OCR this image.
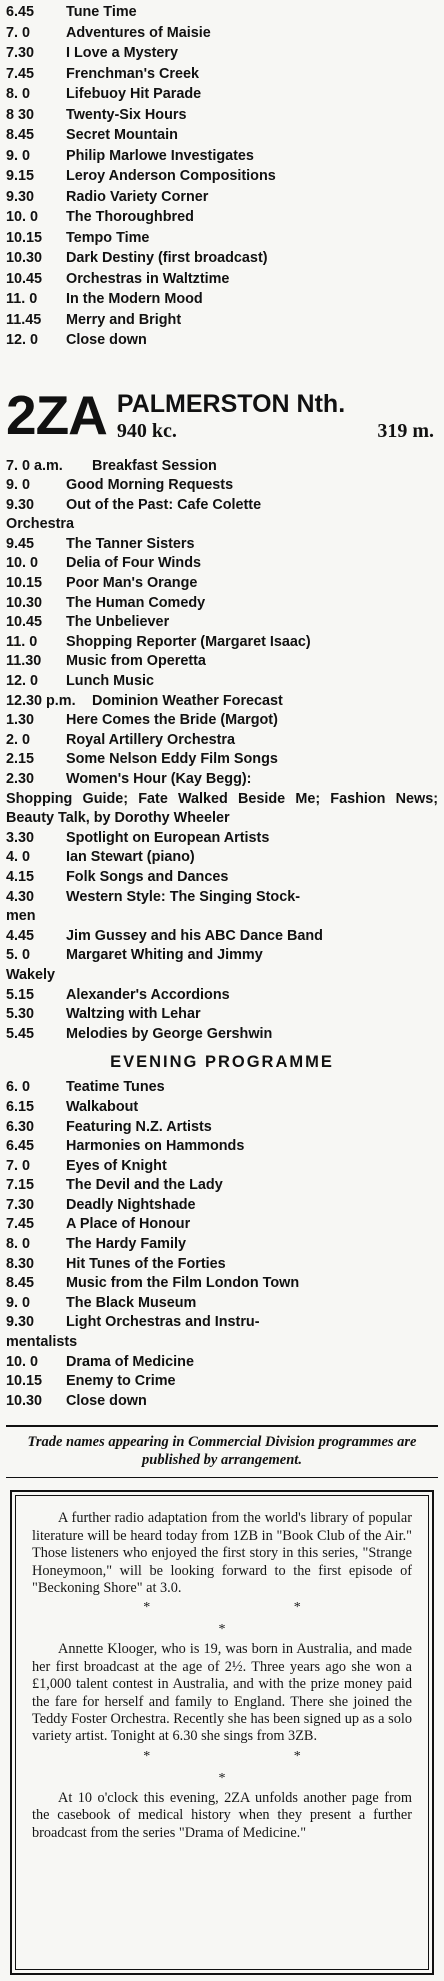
6.45	Tune Time
7. 0	Adventures of Maisie
7.30	I Love a Mystery
7.45	Frenchman's Creek
8. 0	Lifebuoy Hit Parade
8 30	Twenty-Six Hours
8.45	Secret Mountain
9. 0	Philip Marlowe Investigates
9.15	Leroy Anderson Compositions
9.30	Radio Variety Corner
10. 0	The Thoroughbred
10.15	Tempo Time
10.30	Dark Destiny (first broadcast)
10.45	Orchestras in Waltztime
11. 0	In the Modern Mood
11.45	Merry and Bright
12. 0	Close down
2ZA PALMERSTON Nth.
940 kc.	319 m.
7. 0 a.m.	Breakfast Session
9. 0	Good Morning Requests
9.30	Out of the Past: Cafe Colette
Orchestra
9.45	The Tanner Sisters
10. 0	Delia of Four Winds
10.15	Poor Man's Orange
10.30	The Human Comedy
10.45	The Unbeliever
11. 0	Shopping Reporter (Margaret Isaac)
11.30	Music from Operetta
12. 0	Lunch Music
12.30 p.m.	Dominion Weather Forecast
1.30	Here Comes the Bride (Margot)
2. 0	Royal Artillery Orchestra
2.15	Some Nelson Eddy Film Songs
2.30	Women's Hour (Kay Begg):
Shopping Guide; Fate Walked Beside Me; Fashion News; Beauty Talk, by Dorothy Wheeler
3.30	Spotlight on European Artists
4. 0	Ian Stewart (piano)
4.15	Folk Songs and Dances
4.30	Western Style: The Singing Stock-
men
4.45	Jim Gussey and his ABC Dance Band
5. 0	Margaret Whiting and Jimmy
Wakely
5.15	Alexander's Accordions
5.30	Waltzing with Lehar
5.45	Melodies by George Gershwin
EVENING PROGRAMME
6. 0	Teatime Tunes
6.15	Walkabout
6.30	Featuring N.Z. Artists
6.45	Harmonies on Hammonds
7. 0	Eyes of Knight
7.15	The Devil and the Lady
7.30	Deadly Nightshade
7.45	A Place of Honour
8. 0	The Hardy Family
8.30	Hit Tunes of the Forties
8.45	Music from the Film London Town
9. 0	The Black Museum
9.30	Light Orchestras and Instru-
mentalists
10. 0	Drama of Medicine
10.15	Enemy to Crime
10.30	Close down
Trade names appearing in Commercial Division programmes are published by arrangement.

A further radio adaptation from the world's library of popular literature will be heard today from 1ZB in "Book Club of the Air." Those listeners who enjoyed the first story in this series, "Strange Honeymoon," will be looking forward to the first episode of "Beckoning Shore" at 3.0.

* * *

Annette Klooger, who is 19, was born in Australia, and made her first broadcast at the age of 2½. Three years ago she won a £1,000 talent contest in Australia, and with the prize money paid the fare for herself and family to England. There she joined the Teddy Foster Orchestra. Recently she has been signed up as a solo variety artist. Tonight at 6.30 she sings from 3ZB.

* * *

At 10 o'clock this evening, 2ZA unfolds another page from the casebook of medical history when they present a further broadcast from the series "Drama of Medicine."
